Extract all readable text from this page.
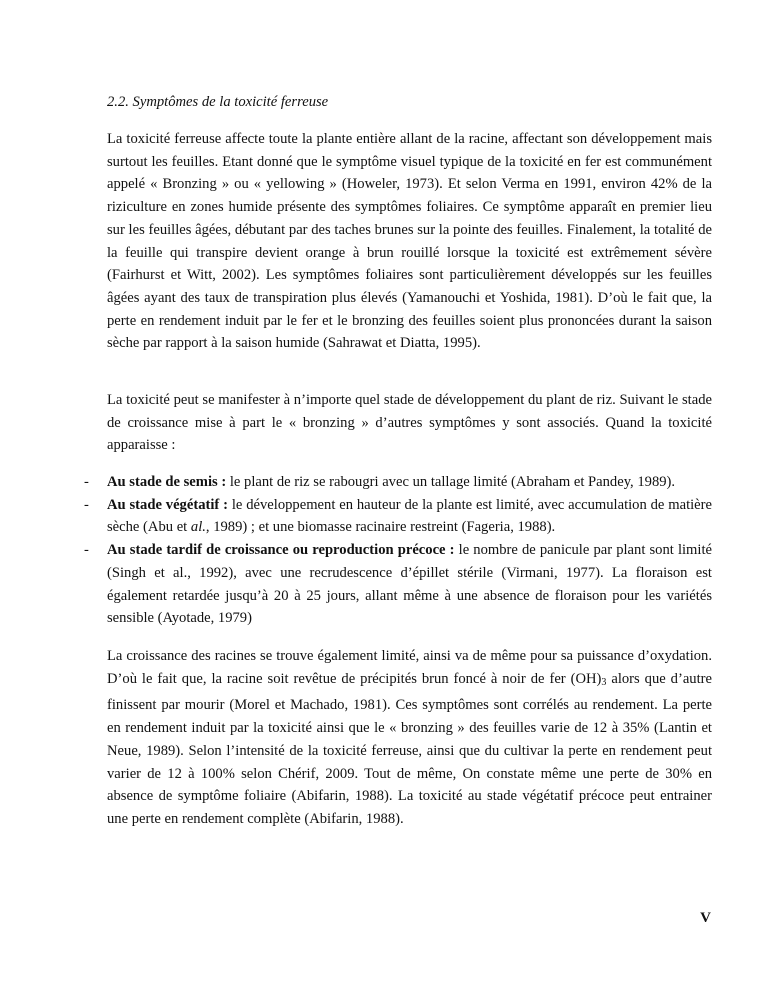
2.2. Symptômes de la toxicité ferreuse

La toxicité ferreuse affecte toute la plante entière allant de la racine, affectant son développement mais surtout les feuilles. Etant donné que le symptôme visuel typique de la toxicité en fer est communément appelé « Bronzing » ou « yellowing » (Howeler, 1973). Et selon Verma en 1991, environ 42% de la riziculture en zones humide présente des symptômes foliaires. Ce symptôme apparaît en premier lieu sur les feuilles âgées, débutant par des taches brunes sur la pointe des feuilles. Finalement, la totalité de la feuille qui transpire devient orange à brun rouillé lorsque la toxicité est extrêmement sévère (Fairhurst et Witt, 2002). Les symptômes foliaires sont particulièrement développés sur les feuilles âgées ayant des taux de transpiration plus élevés (Yamanouchi et Yoshida, 1981). D’où le fait que, la perte en rendement induit par le fer et le bronzing des feuilles soient plus prononcées durant la saison sèche par rapport à la saison humide (Sahrawat et Diatta, 1995).

La toxicité peut se manifester à n’importe quel stade de développement du plant de riz. Suivant le stade de croissance mise à part le « bronzing » d’autres symptômes y sont associés. Quand la toxicité apparaisse :

- Au stade de semis : le plant de riz se rabougri avec un tallage limité (Abraham et Pandey, 1989).
- Au stade végétatif : le développement en hauteur de la plante est limité, avec accumulation de matière sèche (Abu et al., 1989) ; et une biomasse racinaire restreint (Fageria, 1988).
- Au stade tardif de croissance ou reproduction précoce : le nombre de panicule par plant sont limité (Singh et al., 1992), avec une recrudescence d’épillet stérile (Virmani, 1977). La floraison est également retardée jusqu’à 20 à 25 jours, allant même à une absence de floraison pour les variétés sensible (Ayotade, 1979)

La croissance des racines se trouve également limité, ainsi va de même pour sa puissance d’oxydation. D’où le fait que, la racine soit revêtue de précipités brun foncé à noir de fer $(OH)_3$ alors que d’autre finissent par mourir (Morel et Machado, 1981). Ces symptômes sont corrélés au rendement. La perte en rendement induit par la toxicité ainsi que le « bronzing » des feuilles varie de 12 à 35% (Lantin et Neue, 1989). Selon l’intensité de la toxicité ferreuse, ainsi que du cultivar la perte en rendement peut varier de 12 à 100% selon Chérif, 2009. Tout de même, On constate même une perte de 30% en absence de symptôme foliaire (Abifarin, 1988). La toxicité au stade végétatif précoce peut entrainer une perte en rendement complète (Abifarin, 1988).

V
